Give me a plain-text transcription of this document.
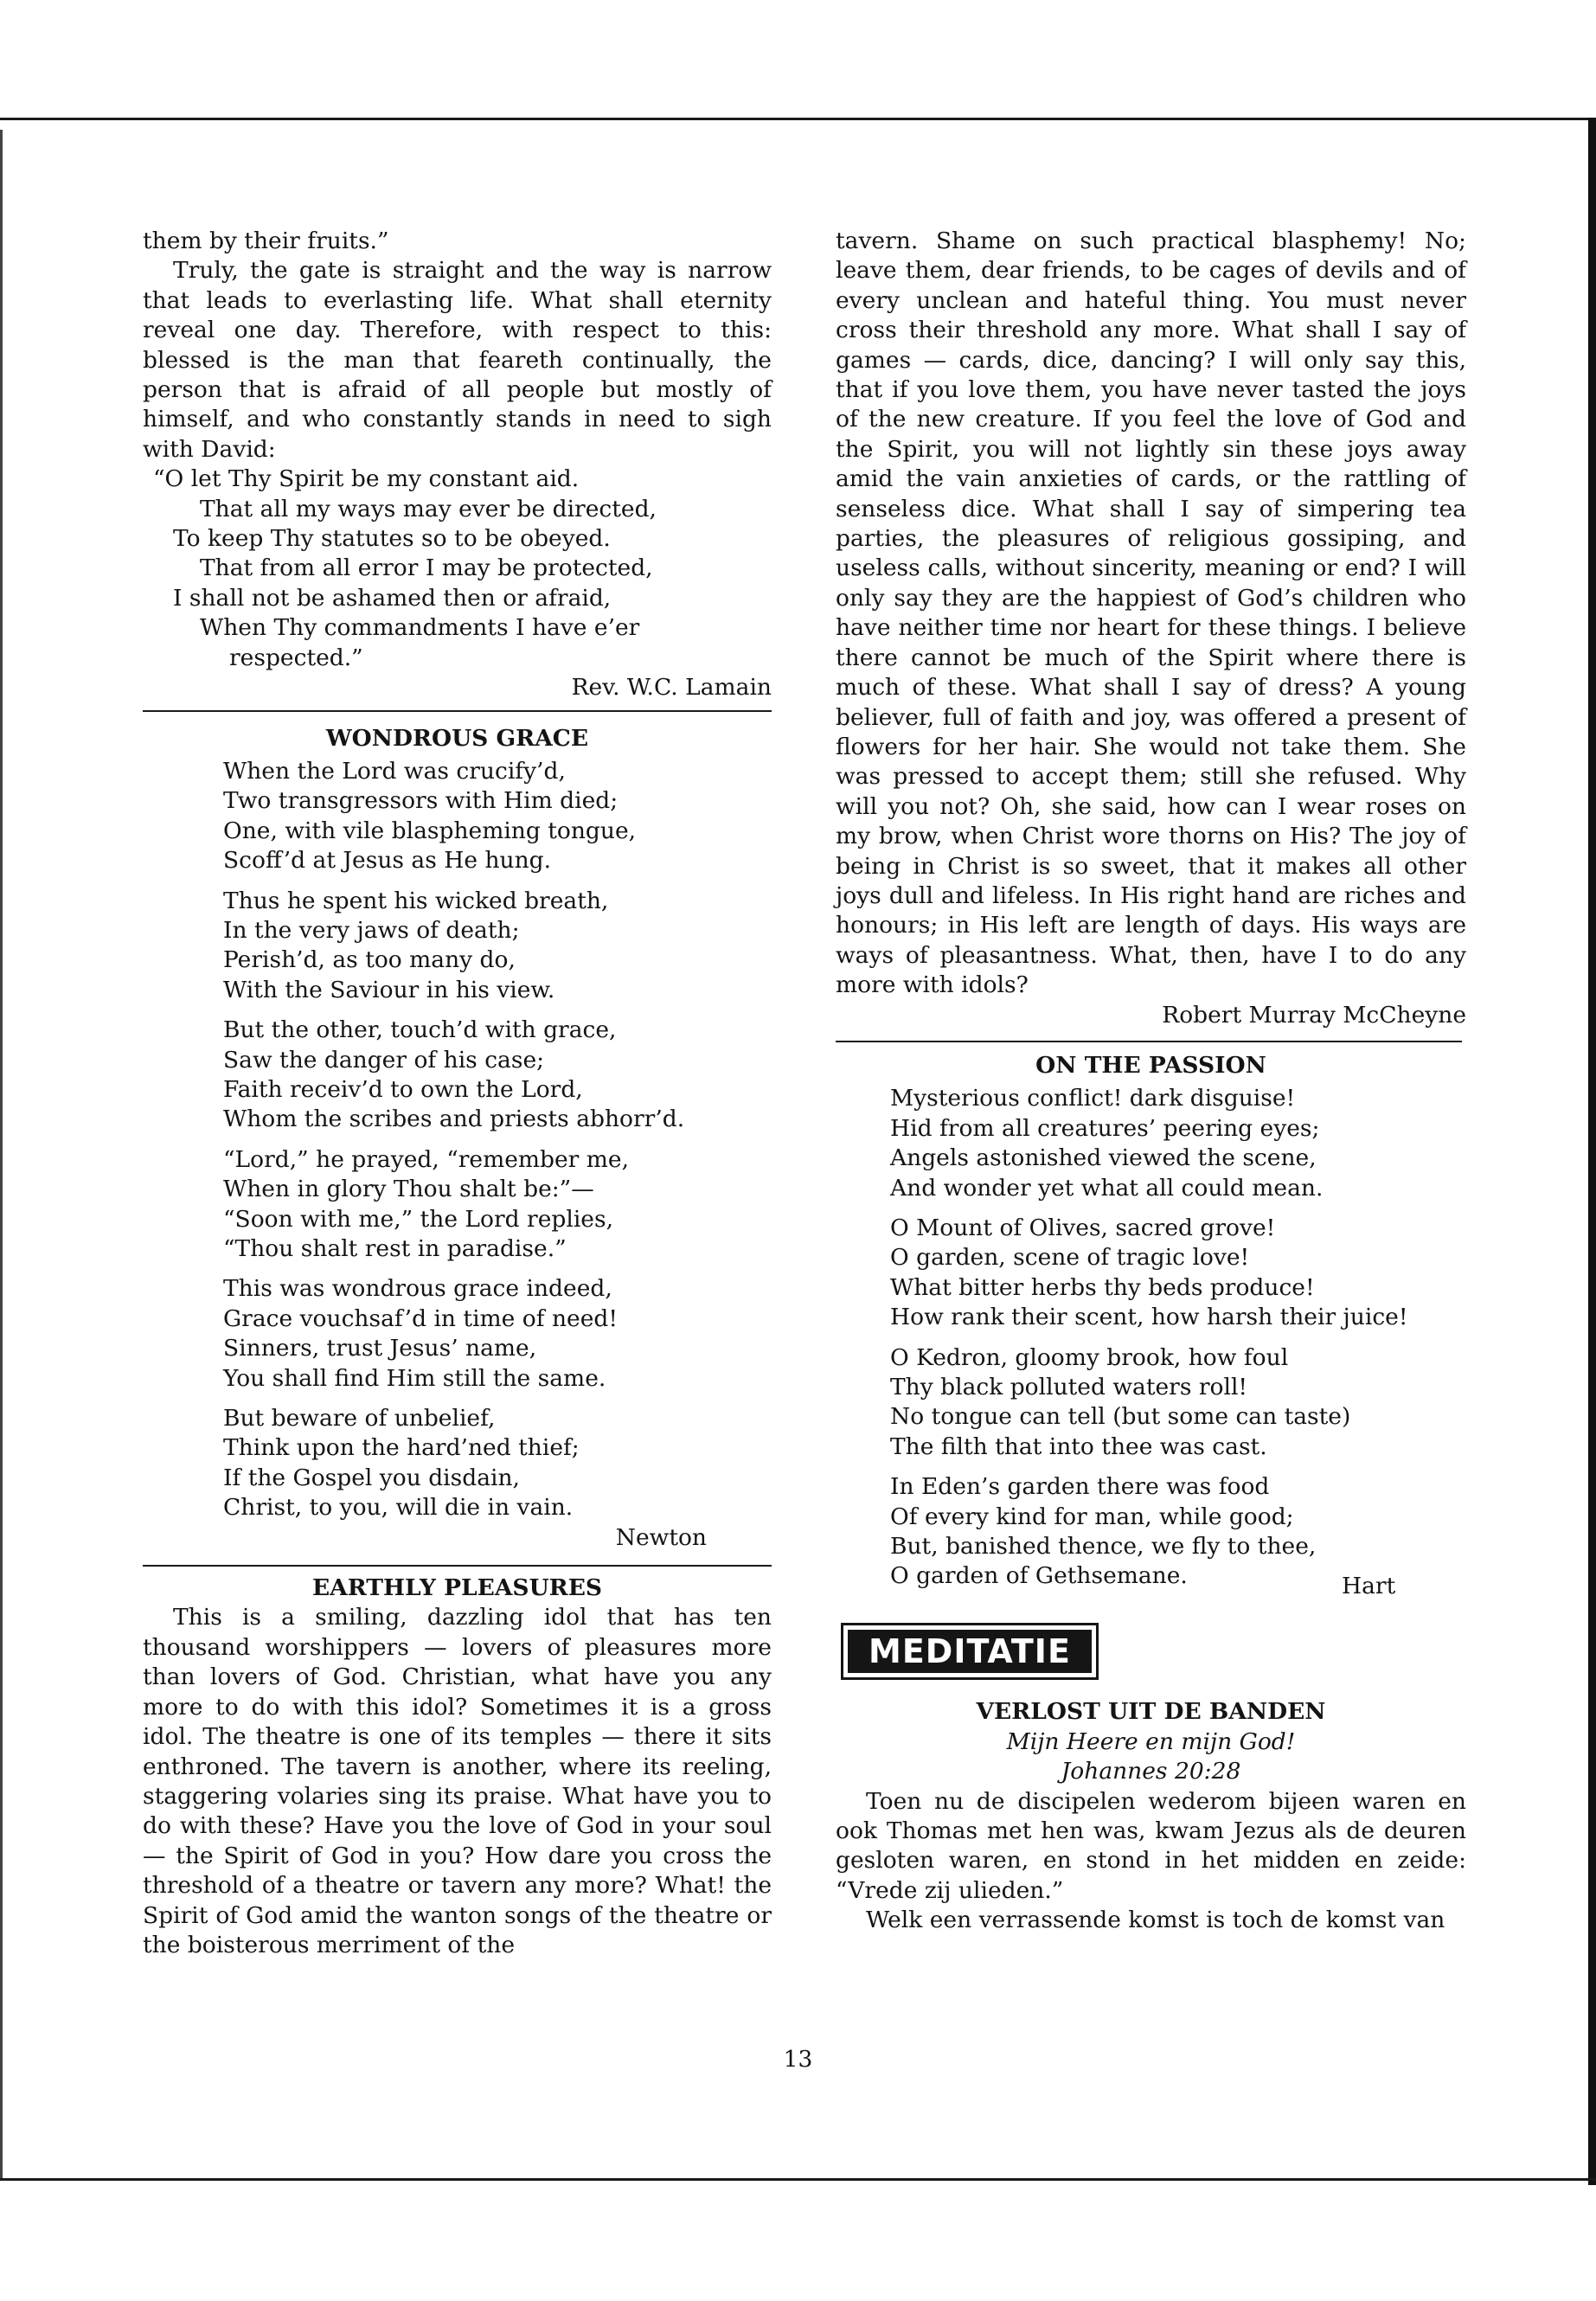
them by their fruits.”

Truly, the gate is straight and the way is narrow that leads to everlasting life. What shall eternity reveal one day. Therefore, with respect to this: blessed is the man that feareth continually, the person that is afraid of all people but mostly of himself, and who constantly stands in need to sigh with David:

“O let Thy Spirit be my constant aid.

That all my ways may ever be directed,

To keep Thy statutes so to be obeyed.

That from all error I may be protected,

I shall not be ashamed then or afraid,

When Thy commandments I have e’er

respected.”

Rev. W.C. Lamain

WONDROUS GRACE

When the Lord was crucify’d,

Two transgressors with Him died;

One, with vile blaspheming tongue,

Scoff’d at Jesus as He hung.

Thus he spent his wicked breath,

In the very jaws of death;

Perish’d, as too many do,

With the Saviour in his view.

But the other, touch’d with grace,

Saw the danger of his case;

Faith receiv’d to own the Lord,

Whom the scribes and priests abhorr’d.

“Lord,” he prayed, “remember me,

When in glory Thou shalt be:”—

“Soon with me,” the Lord replies,

“Thou shalt rest in paradise.”

This was wondrous grace indeed,

Grace vouchsaf’d in time of need!

Sinners, trust Jesus’ name,

You shall find Him still the same.

But beware of unbelief,

Think upon the hard’ned thief;

If the Gospel you disdain,

Christ, to you, will die in vain.

Newton

EARTHLY PLEASURES

This is a smiling, dazzling idol that has ten thousand worshippers — lovers of pleasures more than lovers of God. Christian, what have you any more to do with this idol? Sometimes it is a gross idol. The theatre is one of its temples — there it sits enthroned. The tavern is another, where its reeling, staggering volaries sing its praise. What have you to do with these? Have you the love of God in your soul — the Spirit of God in you? How dare you cross the threshold of a theatre or tavern any more? What! the Spirit of God amid the wanton songs of the theatre or the boisterous merriment of the

tavern. Shame on such practical blasphemy! No; leave them, dear friends, to be cages of devils and of every unclean and hateful thing. You must never cross their threshold any more. What shall I say of games — cards, dice, dancing? I will only say this, that if you love them, you have never tasted the joys of the new creature. If you feel the love of God and the Spirit, you will not lightly sin these joys away amid the vain anxieties of cards, or the rattling of senseless dice. What shall I say of simpering tea parties, the pleasures of religious gossiping, and useless calls, without sincerity, meaning or end? I will only say they are the happiest of God’s children who have neither time nor heart for these things. I believe there cannot be much of the Spirit where there is much of these. What shall I say of dress? A young believer, full of faith and joy, was offered a present of flowers for her hair. She would not take them. She was pressed to accept them; still she refused. Why will you not? Oh, she said, how can I wear roses on my brow, when Christ wore thorns on His? The joy of being in Christ is so sweet, that it makes all other joys dull and lifeless. In His right hand are riches and honours; in His left are length of days. His ways are ways of pleasantness. What, then, have I to do any more with idols?

Robert Murray McCheyne

ON THE PASSION

Mysterious conflict! dark disguise!

Hid from all creatures’ peering eyes;

Angels astonished viewed the scene,

And wonder yet what all could mean.

O Mount of Olives, sacred grove!

O garden, scene of tragic love!

What bitter herbs thy beds produce!

How rank their scent, how harsh their juice!

O Kedron, gloomy brook, how foul

Thy black polluted waters roll!

No tongue can tell (but some can taste)

The filth that into thee was cast.

In Eden’s garden there was food

Of every kind for man, while good;

But, banished thence, we fly to thee,

O garden of Gethsemane.	Hart
MEDITATIE

VERLOST UIT DE BANDEN

Mijn Heere en mijn God!

Johannes 20:28

Toen nu de discipelen wederom bijeen waren en ook Thomas met hen was, kwam Jezus als de deuren gesloten waren, en stond in het midden en zeide: “Vrede zij ulieden.”

Welk een verrassende komst is toch de komst van

13
